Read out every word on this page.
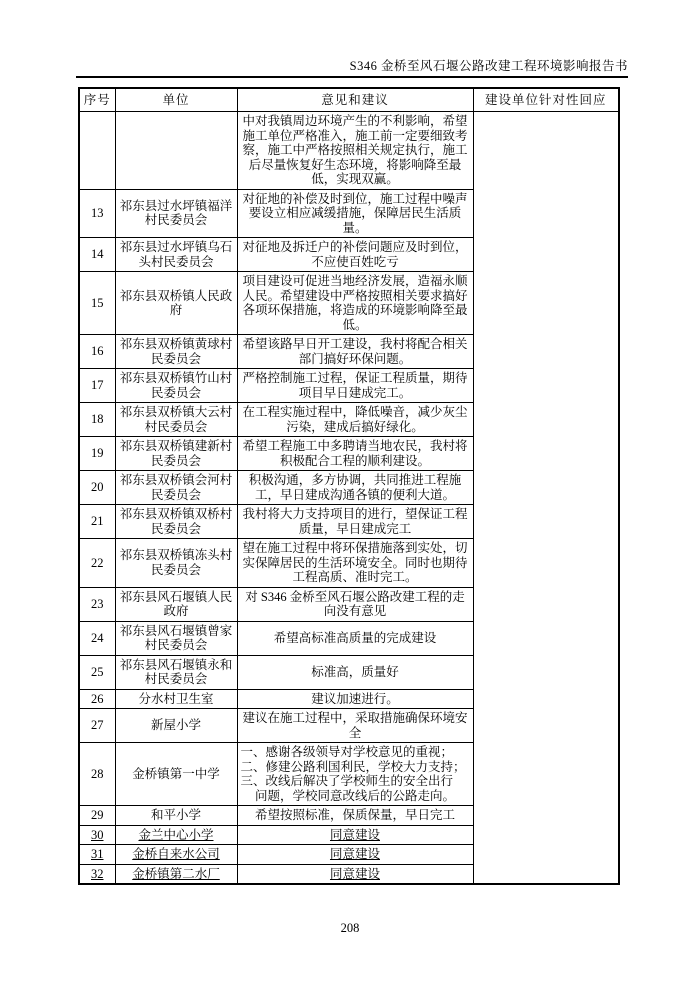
S346 金桥至风石堰公路改建工程环境影响报告书
序号	单位	意见和建议	建设单位针对性回应
		中对我镇周边环境产生的不利影响，希望施工单位严格准入，施工前一定要细致考察，施工中严格按照相关规定执行，施工后尽量恢复好生态环境，将影响降至最低，实现双赢。	
13	祁东县过水坪镇福洋村民委员会	对征地的补偿及时到位，施工过程中噪声要设立相应减缓措施，保障居民生活质量。	
14	祁东县过水坪镇乌石头村民委员会	对征地及拆迁户的补偿问题应及时到位，不应使百姓吃亏	
15	祁东县双桥镇人民政府	项目建设可促进当地经济发展，造福永顺人民。希望建设中严格按照相关要求搞好各项环保措施，将造成的环境影响降至最低。	
16	祁东县双桥镇黄球村民委员会	希望该路早日开工建设，我村将配合相关部门搞好环保问题。	
17	祁东县双桥镇竹山村民委员会	严格控制施工过程，保证工程质量，期待项目早日建成完工。	
18	祁东县双桥镇大云村村民委员会	在工程实施过程中，降低噪音，减少灰尘污染，建成后搞好绿化。	
19	祁东县双桥镇建新村民委员会	希望工程施工中多聘请当地农民，我村将积极配合工程的顺利建设。	
20	祁东县双桥镇会河村民委员会	积极沟通，多方协调，共同推进工程施工，早日建成沟通各镇的便利大道。	
21	祁东县双桥镇双桥村民委员会	我村将大力支持项目的进行，望保证工程质量，早日建成完工	
22	祁东县双桥镇冻头村民委员会	望在施工过程中将环保措施落到实处，切实保障居民的生活环境安全。同时也期待工程高质、准时完工。	
23	祁东县风石堰镇人民政府	对 S346 金桥至风石堰公路改建工程的走向没有意见	
24	祁东县风石堰镇曾家村民委员会	希望高标准高质量的完成建设	
25	祁东县风石堰镇永和村民委员会	标准高，质量好	
26	分水村卫生室	建议加速进行。	
27	新屋小学	建议在施工过程中，采取措施确保环境安全	
28	金桥镇第一中学	一、感谢各级领导对学校意见的重视；
二、修建公路利国利民，学校大力支持；
三、改线后解决了学校师生的安全出行
问题，学校同意改线后的公路走向。	

29	和平小学	希望按照标准，保质保量，早日完工	
30	金兰中心小学	同意建设	
31	金桥自来水公司	同意建设	
32	金桥镇第二水厂	同意建设	
208
